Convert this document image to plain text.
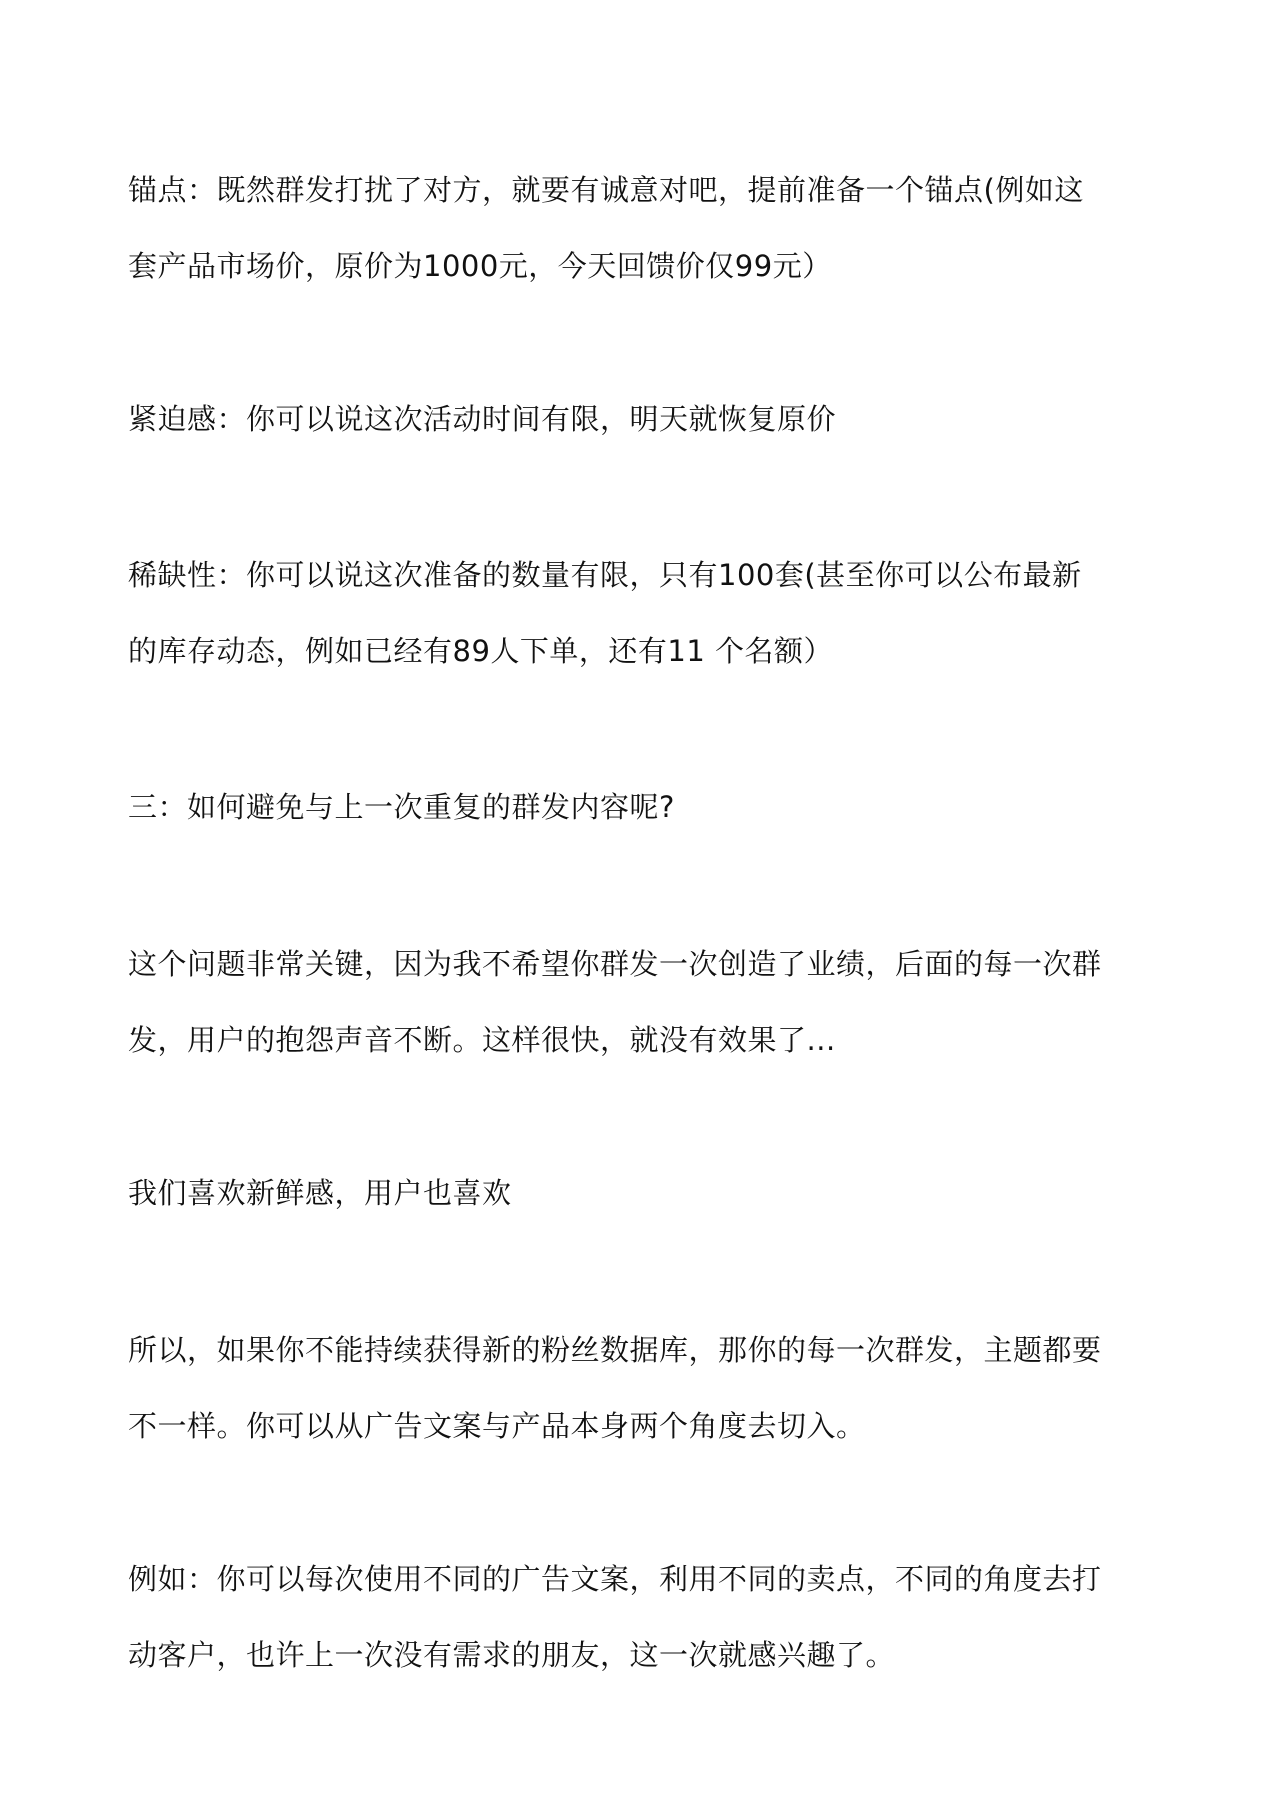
锚点：既然群发打扰了对方，就要有诚意对吧，提前准备一个锚点(例如这
套产品市场价，原价为1000元，今天回馈价仅99元）

紧迫感：你可以说这次活动时间有限，明天就恢复原价

稀缺性：你可以说这次准备的数量有限，只有100套(甚至你可以公布最新
的库存动态，例如已经有89人下单，还有11 个名额）

三：如何避免与上一次重复的群发内容呢?

这个问题非常关键，因为我不希望你群发一次创造了业绩，后面的每一次群
发，用户的抱怨声音不断。这样很快，就没有效果了...

我们喜欢新鲜感，用户也喜欢

所以，如果你不能持续获得新的粉丝数据库，那你的每一次群发，主题都要
不一样。你可以从广告文案与产品本身两个角度去切入。

例如：你可以每次使用不同的广告文案，利用不同的卖点，不同的角度去打
动客户，也许上一次没有需求的朋友，这一次就感兴趣了。
